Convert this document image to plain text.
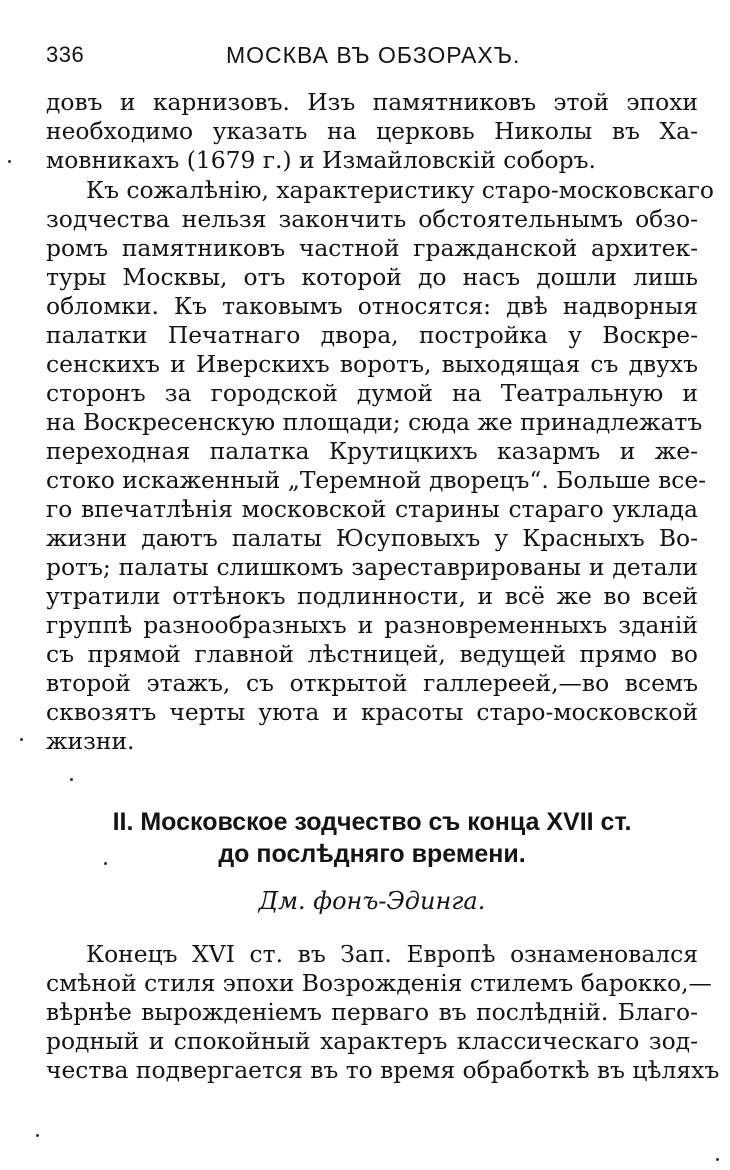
336	МОСКВА ВЪ ОБЗОРАХЪ.
довъ и карнизовъ. Изъ памятниковъ этой эпохи
необходимо указать на церковь Николы въ Ха-
мовникахъ (1679 г.) и Измайловскій соборъ.
Къ сожалѣнію, характеристику старо-московскаго
зодчества нельзя закончить обстоятельнымъ обзо-
ромъ памятниковъ частной гражданской архитек-
туры Москвы, отъ которой до насъ дошли лишь
обломки. Къ таковымъ относятся: двѣ надворныя
палатки Печатнаго двора, постройка у Воскре-
сенскихъ и Иверскихъ воротъ, выходящая съ двухъ
сторонъ за городской думой на Театральную и
на Воскресенскую площади; сюда же принадлежатъ
переходная палатка Крутицкихъ казармъ и же-
стоко искаженный „Теремной дворецъ“. Больше все-
го впечатлѣнія московской старины стараго уклада
жизни даютъ палаты Юсуповыхъ у Красныхъ Во-
ротъ; палаты слишкомъ зареставрированы и детали
утратили оттѣнокъ подлинности, и всё же во всей
группѣ разнообразныхъ и разновременныхъ зданій
съ прямой главной лѣстницей, ведущей прямо во
второй этажъ, съ открытой галлереей,—во всемъ
сквозятъ черты уюта и красоты старо-московской
жизни.
II. Московское зодчество съ конца XVII ст.
до послѣдняго времени.
Дм. фонъ-Эдинга.
Конецъ XVI ст. въ Зап. Европѣ ознаменовался
смѣной стиля эпохи Возрожденія стилемъ барокко,—
вѣрнѣе вырожденіемъ перваго въ послѣдній. Благо-
родный и спокойный характеръ классическаго зод-
чества подвергается въ то время обработкѣ въ цѣляхъ
